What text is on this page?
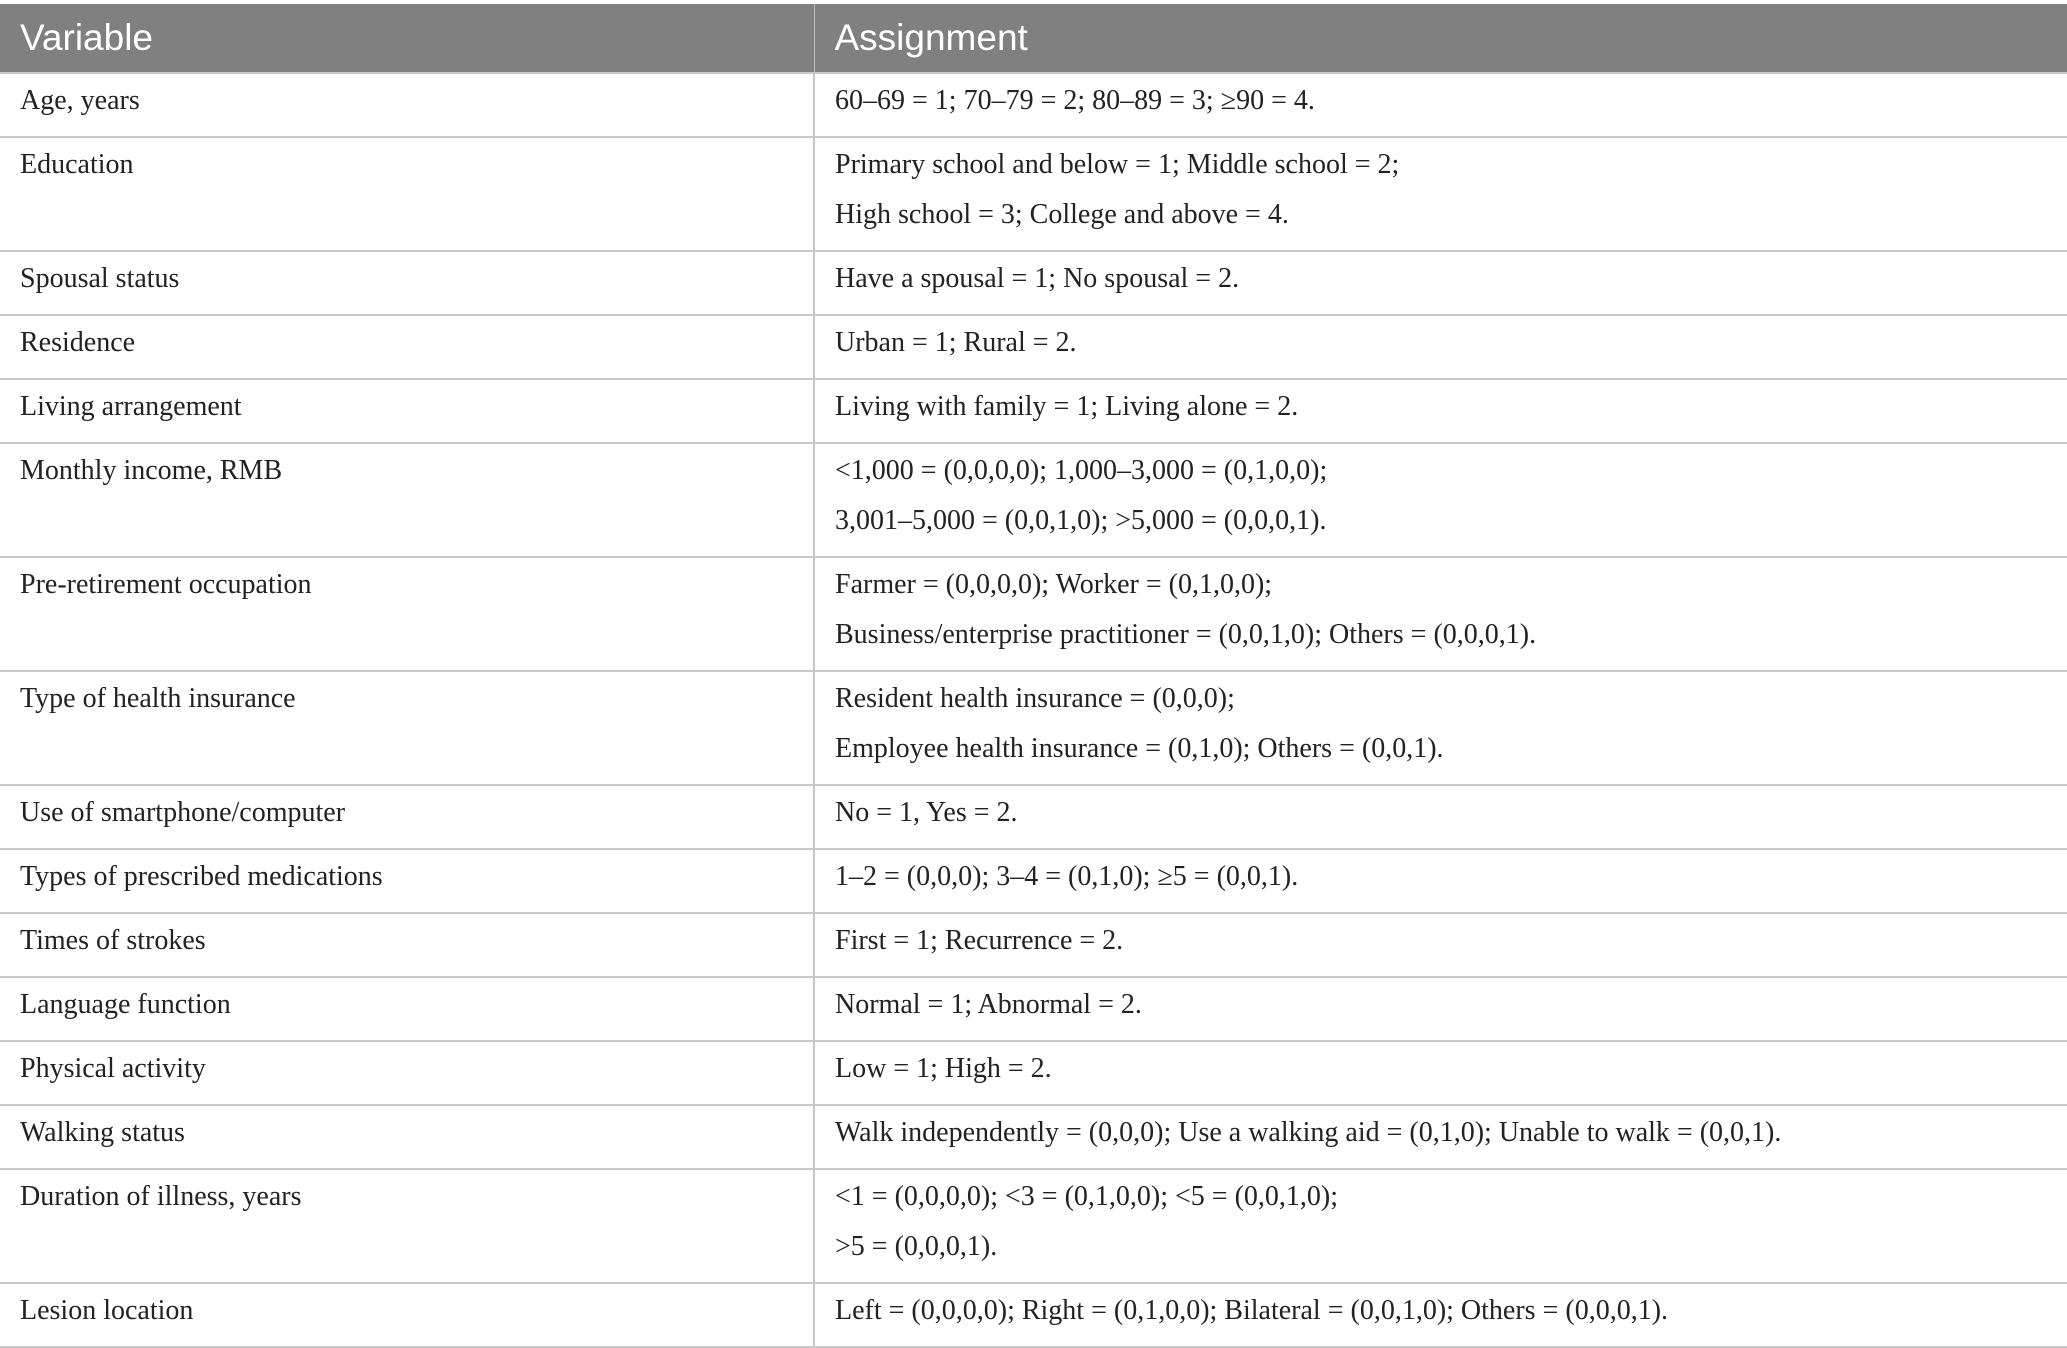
Variable	Assignment

Age, years	60–69 = 1; 70–79 = 2; 80–89 = 3; ≥90 = 4.

Education	Primary school and below = 1; Middle school = 2;
High school = 3; College and above = 4.

Spousal status	Have a spousal = 1; No spousal = 2.

Residence	Urban = 1; Rural = 2.

Living arrangement	Living with family = 1; Living alone = 2.

Monthly income, RMB	<1,000 = (0,0,0,0); 1,000–3,000 = (0,1,0,0);
3,001–5,000 = (0,0,1,0); >5,000 = (0,0,0,1).

Pre-retirement occupation	Farmer = (0,0,0,0); Worker = (0,1,0,0);
Business/enterprise practitioner = (0,0,1,0); Others = (0,0,0,1).

Type of health insurance	Resident health insurance = (0,0,0);
Employee health insurance = (0,1,0); Others = (0,0,1).

Use of smartphone/computer	No = 1, Yes = 2.

Types of prescribed medications	1–2 = (0,0,0); 3–4 = (0,1,0); ≥5 = (0,0,1).

Times of strokes	First = 1; Recurrence = 2.

Language function	Normal = 1; Abnormal = 2.

Physical activity	Low = 1; High = 2.

Walking status	Walk independently = (0,0,0); Use a walking aid = (0,1,0); Unable to walk = (0,0,1).

Duration of illness, years	<1 = (0,0,0,0); <3 = (0,1,0,0); <5 = (0,0,1,0);
>5 = (0,0,0,1).

Lesion location	Left = (0,0,0,0); Right = (0,1,0,0); Bilateral = (0,0,1,0); Others = (0,0,0,1).
